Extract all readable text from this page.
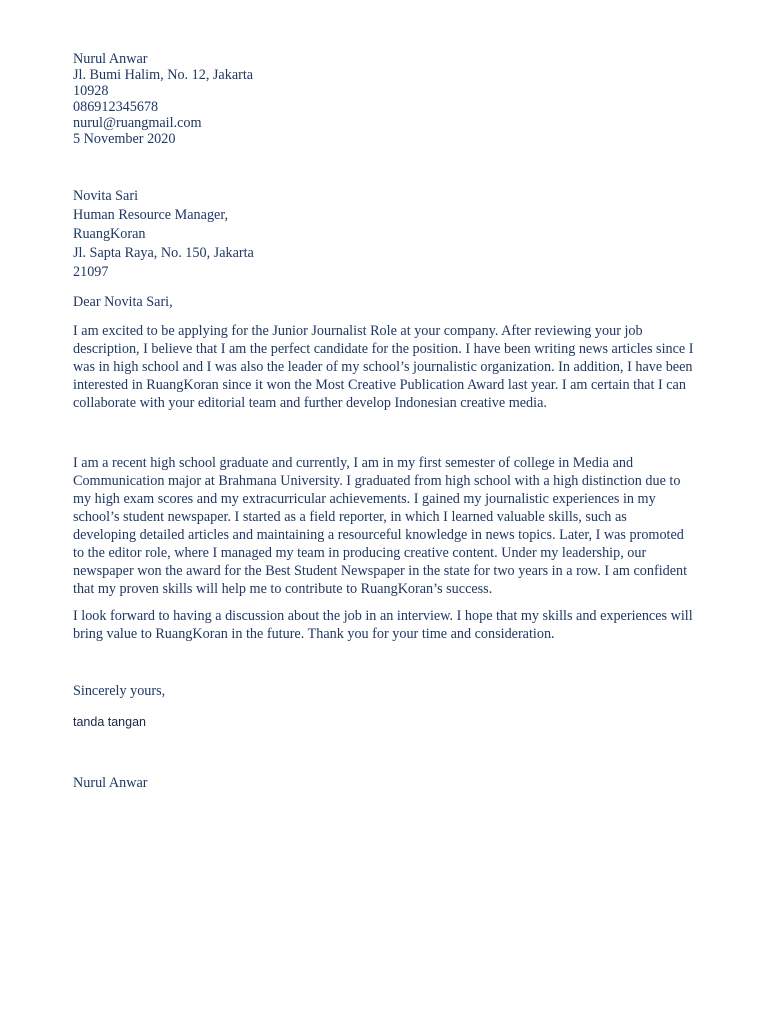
Nurul Anwar
Jl. Bumi Halim, No. 12, Jakarta
10928
086912345678
nurul@ruangmail.com
5 November 2020
Novita Sari
Human Resource Manager,
RuangKoran
Jl. Sapta Raya, No. 150, Jakarta
21097

Dear Novita Sari,

I am excited to be applying for the Junior Journalist Role at your company. After reviewing your job
description, I believe that I am the perfect candidate for the position. I have been writing news articles since I
was in high school and I was also the leader of my school’s journalistic organization. In addition, I have been
interested in RuangKoran since it won the Most Creative Publication Award last year. I am certain that I can
collaborate with your editorial team and further develop Indonesian creative media.
I am a recent high school graduate and currently, I am in my first semester of college in Media and
Communication major at Brahmana University. I graduated from high school with a high distinction due to
my high exam scores and my extracurricular achievements. I gained my journalistic experiences in my
school’s student newspaper. I started as a field reporter, in which I learned valuable skills, such as
developing detailed articles and maintaining a resourceful knowledge in news topics. Later, I was promoted
to the editor role, where I managed my team in producing creative content. Under my leadership, our
newspaper won the award for the Best Student Newspaper in the state for two years in a row. I am confident
that my proven skills will help me to contribute to RuangKoran’s success.
I look forward to having a discussion about the job in an interview. I hope that my skills and experiences will
bring value to RuangKoran in the future. Thank you for your time and consideration.

Sincerely yours,

tanda tangan

Nurul Anwar
